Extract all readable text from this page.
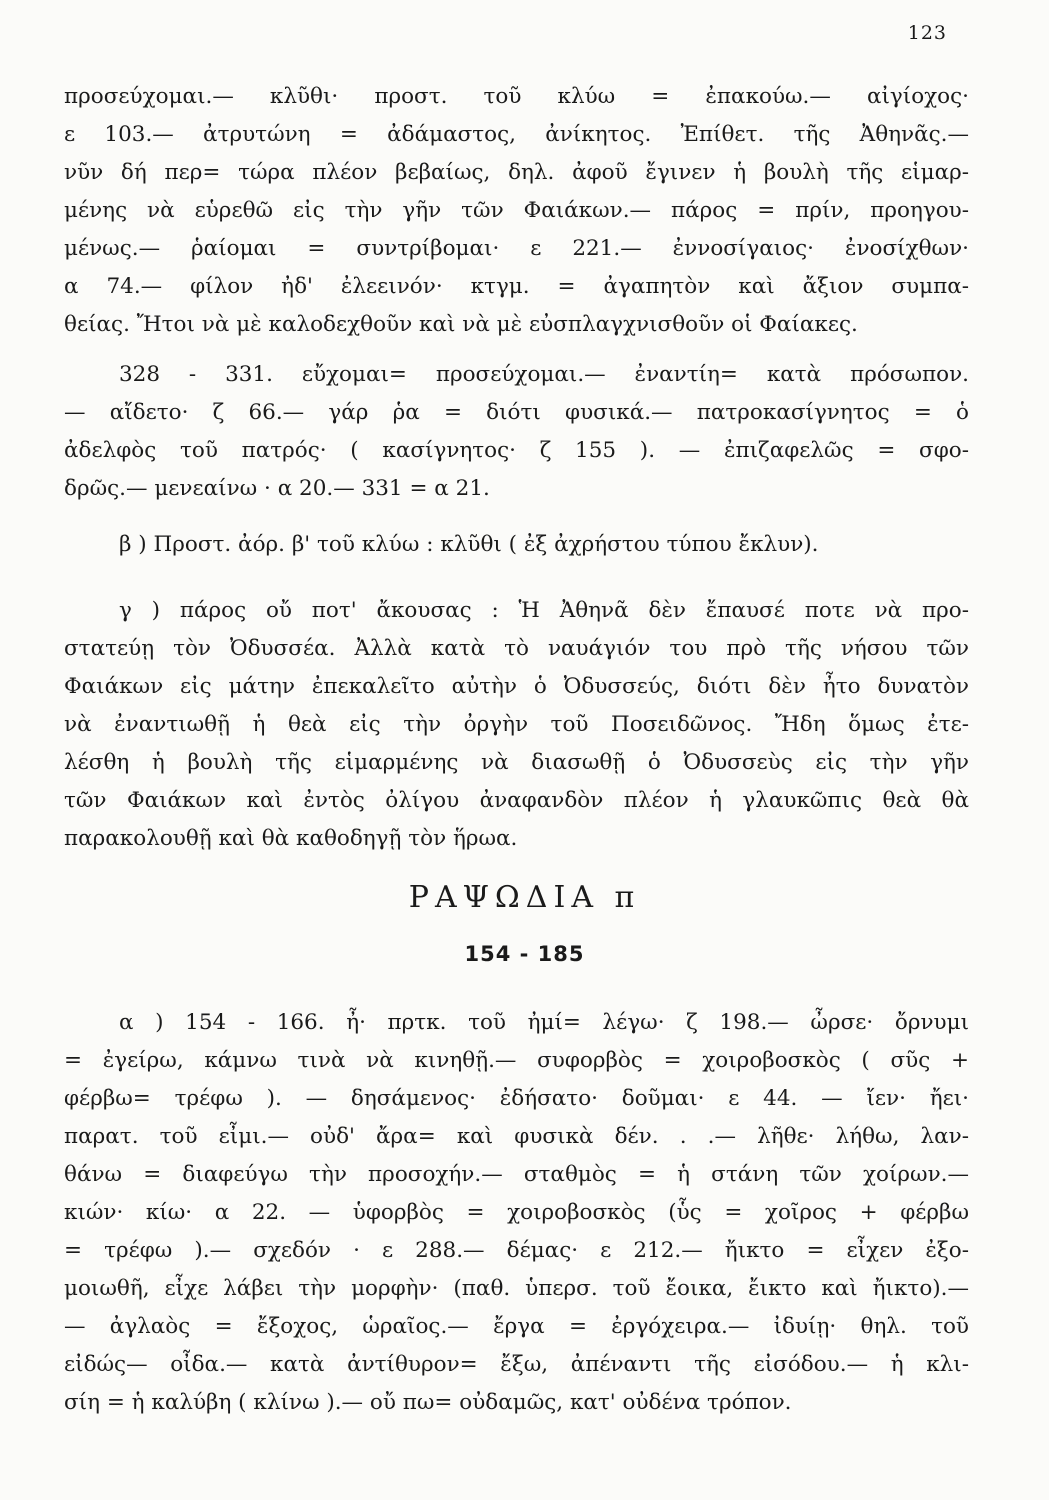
123
προσεύχομαι.— κλῦθι· προστ. τοῦ κλύω = ἐπακούω.— αἰγίοχος·
ε 103.— ἀτρυτώνη = ἀδάμαστος, ἀνίκητος. Ἐπίθετ. τῆς Ἀθηνᾶς.—
νῦν δή περ= τώρα πλέον βεβαίως, δηλ. ἀφοῦ ἔγινεν ἡ βουλὴ τῆς εἱμαρ-
μένης νὰ εὑρεθῶ εἰς τὴν γῆν τῶν Φαιάκων.— πάρος = πρίν, προηγου-
μένως.— ῥαίομαι = συντρίβομαι· ε 221.— ἐννοσίγαιος· ἐνοσίχθων·
α 74.— φίλον ἠδ' ἐλεεινόν· κτγμ. = ἀγαπητὸν καὶ ἄξιον συμπα-
θείας. Ἤτοι νὰ μὲ καλοδεχθοῦν καὶ νὰ μὲ εὐσπλαγχνισθοῦν οἱ Φαίακες.
328 - 331. εὔχομαι= προσεύχομαι.— ἐναντίη= κατὰ πρόσωπον.
— αἴδετο· ζ 66.— γάρ ῥα = διότι φυσικά.— πατροκασίγνητος = ὁ
ἀδελφὸς τοῦ πατρός· ( κασίγνητος· ζ 155 ). — ἐπιζαφελῶς = σφο-
δρῶς.— μενεαίνω · α 20.— 331 = α 21.
β ) Προστ. ἀόρ. β' τοῦ κλύω : κλῦθι ( ἐξ ἀχρήστου τύπου ἔκλυν).
γ ) πάρος οὔ ποτ' ἄκουσας : Ἡ Ἀθηνᾶ δὲν ἔπαυσέ ποτε νὰ προ-
στατεύῃ τὸν Ὀδυσσέα. Ἀλλὰ κατὰ τὸ ναυάγιόν του πρὸ τῆς νήσου τῶν
Φαιάκων εἰς μάτην ἐπεκαλεῖτο αὐτὴν ὁ Ὀδυσσεύς, διότι δὲν ἦτο δυνατὸν
νὰ ἐναντιωθῇ ἡ θεὰ εἰς τὴν ὀργὴν τοῦ Ποσειδῶνος. Ἤδη ὅμως ἐτε-
λέσθη ἡ βουλὴ τῆς εἱμαρμένης νὰ διασωθῇ ὁ Ὀδυσσεὺς εἰς τὴν γῆν
τῶν Φαιάκων καὶ ἐντὸς ὀλίγου ἀναφανδὸν πλέον ἡ γλαυκῶπις θεὰ θὰ
παρακολουθῇ καὶ θὰ καθοδηγῇ τὸν ἥρωα.
ΡΑΨΩΔΙΑ π
154 - 185
α ) 154 - 166. ἦ· πρτκ. τοῦ ἠμί= λέγω· ζ 198.— ὦρσε· ὄρνυμι
= ἐγείρω, κάμνω τινὰ νὰ κινηθῇ.— συφορβὸς = χοιροβοσκὸς ( σῦς +
φέρβω= τρέφω ). — δησάμενος· ἐδήσατο· δοῦμαι· ε 44. — ἴεν· ἤει·
παρατ. τοῦ εἶμι.— οὐδ' ἄρα= καὶ φυσικὰ δέν. . .— λῆθε· λήθω, λαν-
θάνω = διαφεύγω τὴν προσοχήν.— σταθμὸς = ἡ στάνη τῶν χοίρων.—
κιών· κίω· α 22. — ὑφορβὸς = χοιροβοσκὸς (ὗς = χοῖρος + φέρβω
= τρέφω ).— σχεδόν · ε 288.— δέμας· ε 212.— ἤικτο = εἶχεν ἐξο-
μοιωθῆ, εἶχε λάβει τὴν μορφὴν· (παθ. ὑπερσ. τοῦ ἔοικα, ἔικτο καὶ ἤικτο).—
— ἀγλαὸς = ἔξοχος, ὡραῖος.— ἔργα = ἐργόχειρα.— ἰδυίῃ· θηλ. τοῦ
εἰδώς— οἶδα.— κατὰ ἀντίθυρον= ἔξω, ἀπέναντι τῆς εἰσόδου.— ἡ κλι-
σίη = ἡ καλύβη ( κλίνω ).— οὔ πω= οὐδαμῶς, κατ' οὐδένα τρόπον.
